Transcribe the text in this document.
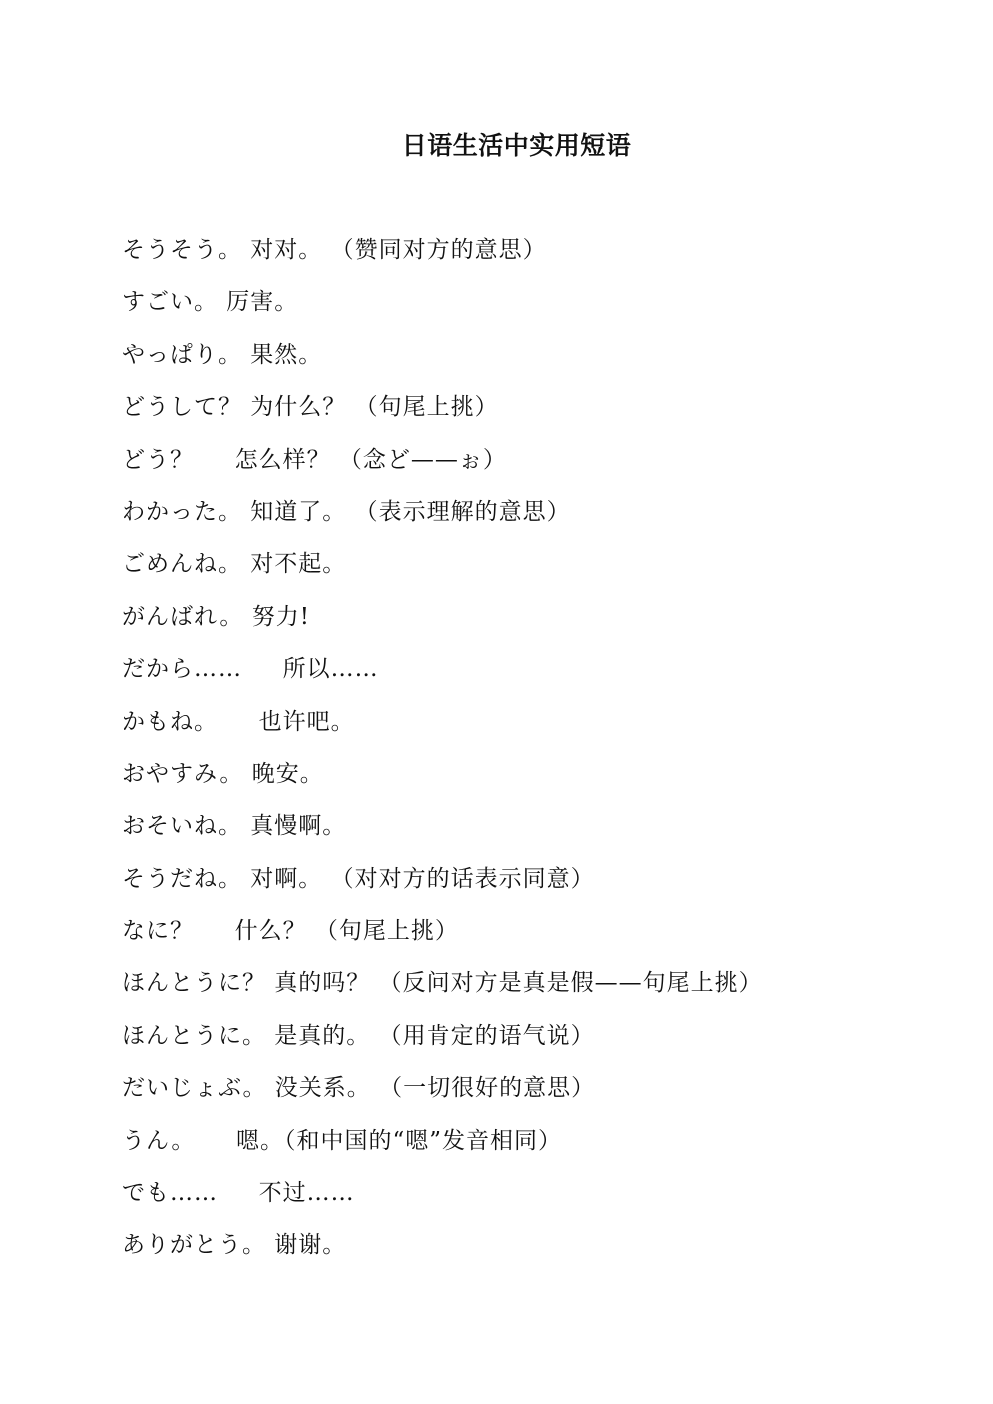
日语生活中实用短语
そうそう。 对对。 （赞同对方的意思）
すごい。 厉害。
やっぱり。 果然。
どうして？ 为什么？ （句尾上挑）
どう？ 　 怎么样？ （念ど——ぉ）
わかった。 知道了。 （表示理解的意思）
ごめんね。 对不起。
がんばれ。 努力!
だから…… 　 所以……
かもね。 　 也许吧。
おやすみ。 晚安。
おそいね。 真慢啊。
そうだね。 对啊。 （对对方的话表示同意）
なに？ 　 什么？ （句尾上挑）
ほんとうに？ 真的吗？ （反问对方是真是假——句尾上挑）
ほんとうに。 是真的。 （用肯定的语气说）
だいじょぶ。 没关系。 （一切很好的意思）
うん。 　 嗯。（和中国的“嗯”发音相同）
でも…… 　 不过……
ありがとう。 谢谢。
